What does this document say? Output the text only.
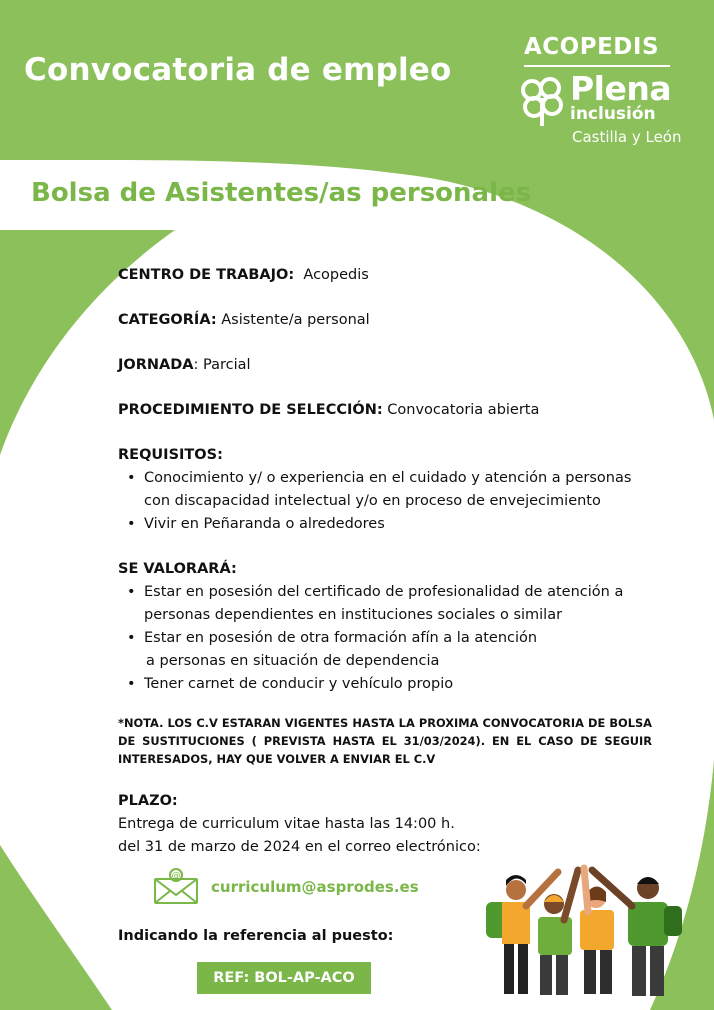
Convocatoria de empleo
ACOPEDIS
Plena
inclusión
Castilla y León
Bolsa de Asistentes/as personales
CENTRO DE TRABAJO:  Acopedis
CATEGORÍA: Asistente/a personal
JORNADA: Parcial
PROCEDIMIENTO DE SELECCIÓN: Convocatoria abierta
REQUISITOS:
• Conocimiento y/ o experiencia en el cuidado y atención a personas
con discapacidad intelectual y/o en proceso de envejecimiento
• Vivir en Peñaranda o alrededores
SE VALORARÁ:
• Estar en posesión del certificado de profesionalidad de atención a
personas dependientes en instituciones sociales o similar
• Estar en posesión de otra formación afín a la atención
a personas en situación de dependencia
• Tener carnet de conducir y vehículo propio
*NOTA. LOS C.V ESTARAN VIGENTES HASTA LA PROXIMA CONVOCATORIA DE BOLSA DE SUSTITUCIONES ( PREVISTA HASTA EL 31/03/2024). EN EL CASO DE SEGUIR INTERESADOS, HAY QUE VOLVER A ENVIAR EL C.V
PLAZO:
Entrega de curriculum vitae hasta las 14:00 h.
del 31 de marzo de 2024 en el correo electrónico:
@
curriculum@asprodes.es
Indicando la referencia al puesto:
REF: BOL-AP-ACO
